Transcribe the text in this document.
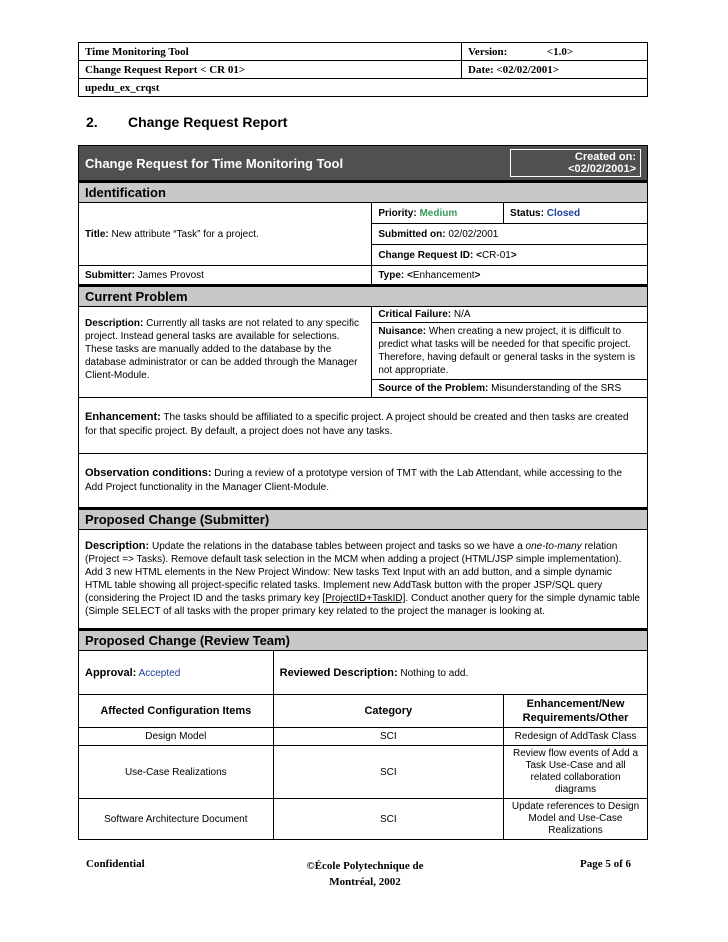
Time Monitoring Tool	Version: <1.0>
Change Request Report < CR 01>	Date: <02/02/2001>
upedu_ex_crqst	
2. Change Request Report
Change Request for Time Monitoring Tool			Created on: <02/02/2001>
Identification			
Title: New attribute “Task” for a project.		Priority: Medium	Status: Closed
		Submitted on: 02/02/2001	
		Change Request ID: <CR-01>	
Submitter: James Provost		Type: <Enhancement>	
Current Problem			
Description: Currently all tasks are not related to any specific project. Instead general tasks are available for selections. These tasks are manually added to the database by the database administrator or can be added through the Manager Client-Module.		Critical Failure: N/A	
		Nuisance: When creating a new project, it is difficult to predict what tasks will be needed for that specific project. Therefore, having default or general tasks in the system is not appropriate.	
		Source of the Problem: Misunderstanding of the SRS	
Enhancement: The tasks should be affiliated to a specific project. A project should be created and then tasks are created for that specific project. By default, a project does not have any tasks.			
Observation conditions: During a review of a prototype version of TMT with the Lab Attendant, while accessing to the Add Project functionality in the Manager Client-Module.			
Proposed Change (Submitter)			
Description: Update the relations in the database tables between project and tasks so we have a one-to-many relation (Project => Tasks). Remove default task selection in the MCM when adding a project (HTML/JSP simple implementation). Add 3 new HTML elements in the New Project Window: New tasks Text Input with an add button, and a simple dynamic HTML table showing all project-specific related tasks. Implement new AddTask button with the proper JSP/SQL query (considering the Project ID and the tasks primary key [ProjectID+TaskID]. Conduct another query for the simple dynamic table (Simple SELECT of all tasks with the proper primary key related to the project the manager is looking at.			
Proposed Change (Review Team)			
Approval: Accepted	Reviewed Description: Nothing to add.		
Affected Configuration Items	Category		Enhancement/New Requirements/Other
Design Model	SCI		Redesign of AddTask Class
Use-Case Realizations	SCI		Review flow events of Add a Task Use-Case and all related collaboration diagrams
Software Architecture Document	SCI		Update references to Design Model and Use-Case Realizations
Confidential	©École Polytechnique de
Montréal, 2002
Page 5 of 6
